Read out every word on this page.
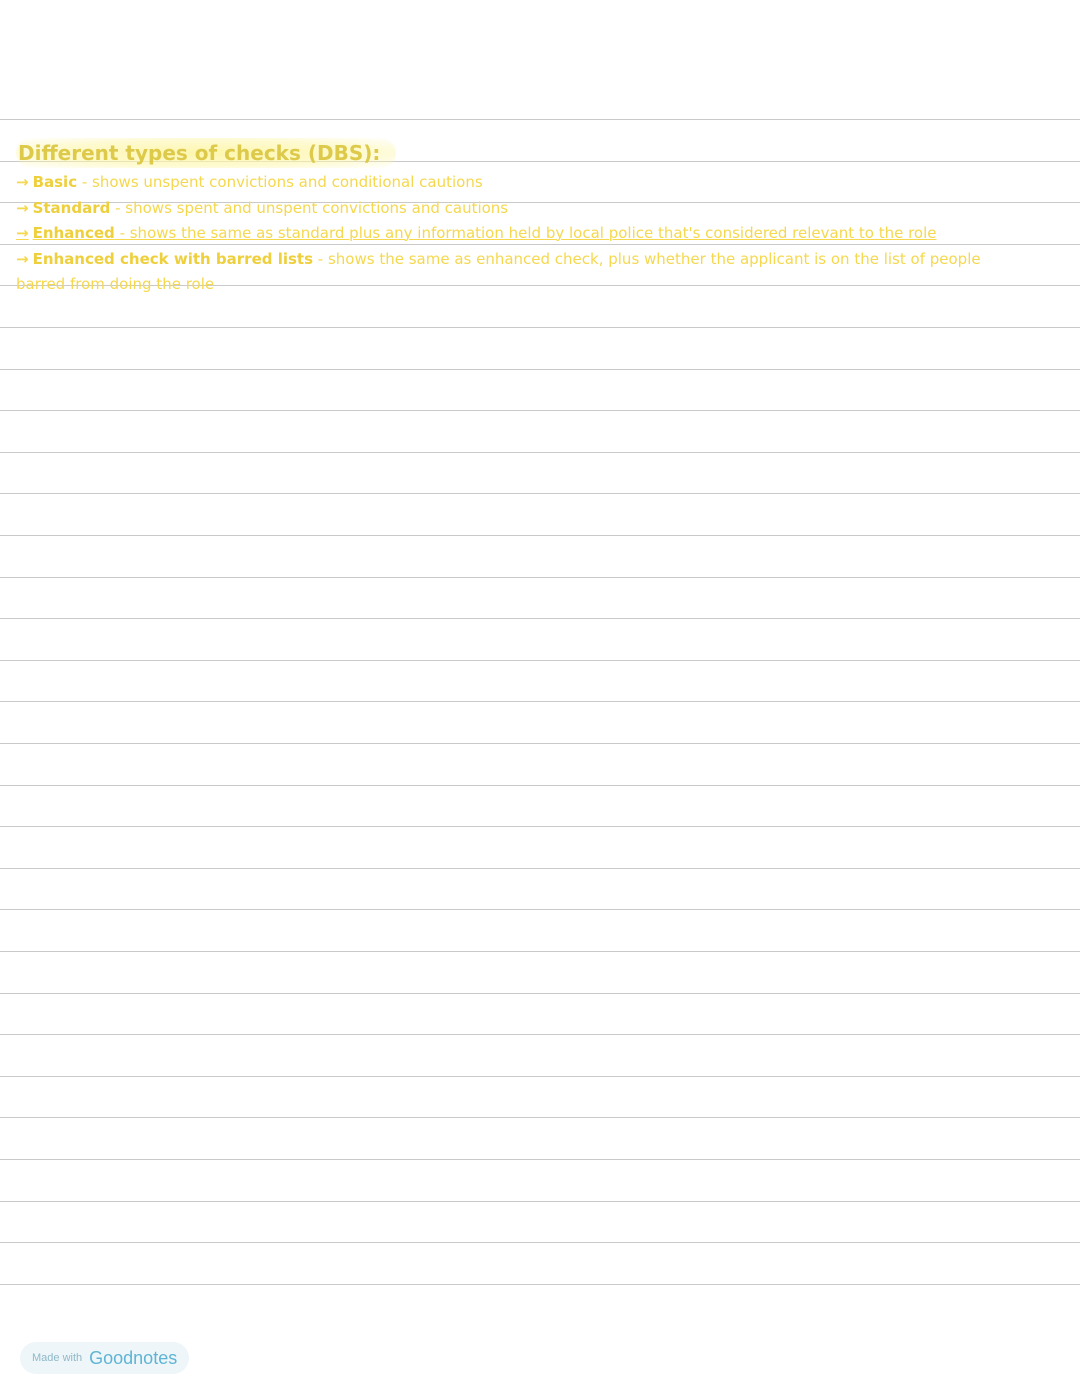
Different types of checks (DBS):
→ Basic - shows unspent convictions and conditional cautions
→ Standard - shows spent and unspent convictions and cautions
→ Enhanced - shows the same as standard plus any information held by local police that's considered relevant to the role
→ Enhanced check with barred lists - shows the same as enhanced check, plus whether the applicant is on the list of people barred from doing the role
Made with Goodnotes
